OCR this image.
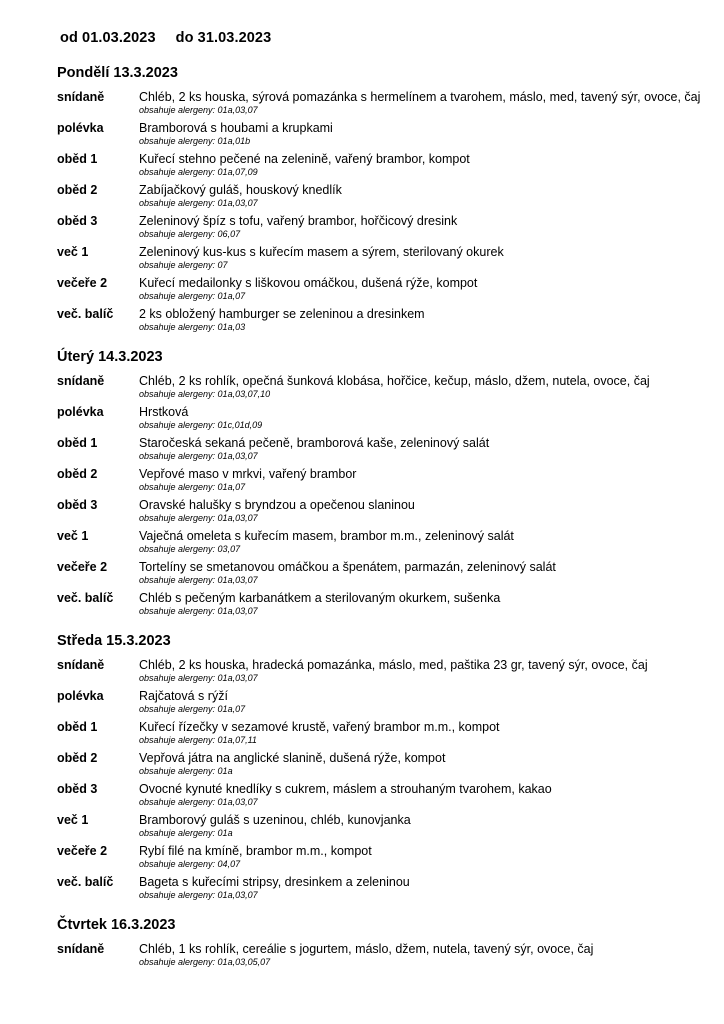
od 01.03.2023 do 31.03.2023
Pondělí 13.3.2023
snídaně	Chléb, 2 ks houska, sýrová pomazánka s hermelínem a tvarohem, máslo, med, tavený sýr, ovoce, čaj
obsahuje alergeny: 01a,03,07
polévka	Bramborová s houbami a krupkami
obsahuje alergeny: 01a,01b
oběd 1	Kuřecí stehno pečené na zelenině, vařený brambor, kompot
obsahuje alergeny: 01a,07,09
oběd 2	Zabíjačkový guláš, houskový knedlík
obsahuje alergeny: 01a,03,07
oběd 3	Zeleninový špíz s tofu, vařený brambor, hořčicový dresink
obsahuje alergeny: 06,07
več 1	Zeleninový kus-kus s kuřecím masem a sýrem, sterilovaný okurek
obsahuje alergeny: 07
večeře 2	Kuřecí medailonky s liškovou omáčkou, dušená rýže, kompot
obsahuje alergeny: 01a,07
več. balíč	2 ks obložený hamburger se zeleninou a dresinkem
obsahuje alergeny: 01a,03
Úterý 14.3.2023
snídaně	Chléb, 2 ks rohlík, opečná šunková klobása, hořčice, kečup, máslo, džem, nutela, ovoce, čaj
obsahuje alergeny: 01a,03,07,10
polévka	Hrstková
obsahuje alergeny: 01c,01d,09
oběd 1	Staročeská sekaná pečeně, bramborová kaše, zeleninový salát
obsahuje alergeny: 01a,03,07
oběd 2	Vepřové maso v mrkvi, vařený brambor
obsahuje alergeny: 01a,07
oběd 3	Oravské halušky s bryndzou a opečenou slaninou
obsahuje alergeny: 01a,03,07
več 1	Vaječná omeleta s kuřecím masem, brambor m.m., zeleninový salát
obsahuje alergeny: 03,07
večeře 2	Tortelíny se smetanovou omáčkou a špenátem, parmazán, zeleninový salát
obsahuje alergeny: 01a,03,07
več. balíč	Chléb s pečeným karbanátkem a sterilovaným okurkem, sušenka
obsahuje alergeny: 01a,03,07
Středa 15.3.2023
snídaně	Chléb, 2 ks houska, hradecká pomazánka, máslo, med, paštika 23 gr, tavený sýr, ovoce, čaj
obsahuje alergeny: 01a,03,07
polévka	Rajčatová s rýží
obsahuje alergeny: 01a,07
oběd 1	Kuřecí řízečky v sezamové krustě, vařený brambor m.m., kompot
obsahuje alergeny: 01a,07,11
oběd 2	Vepřová játra na anglické slanině, dušená rýže, kompot
obsahuje alergeny: 01a
oběd 3	Ovocné kynuté knedlíky s cukrem, máslem a strouhaným tvarohem, kakao
obsahuje alergeny: 01a,03,07
več 1	Bramborový guláš s uzeninou, chléb, kunovjanka
obsahuje alergeny: 01a
večeře 2	Rybí filé na kmíně, brambor m.m., kompot
obsahuje alergeny: 04,07
več. balíč	Bageta s kuřecími stripsy, dresinkem a zeleninou
obsahuje alergeny: 01a,03,07
Čtvrtek 16.3.2023
snídaně	Chléb, 1 ks rohlík, cereálie s jogurtem, máslo, džem, nutela, tavený sýr, ovoce, čaj
obsahuje alergeny: 01a,03,05,07
